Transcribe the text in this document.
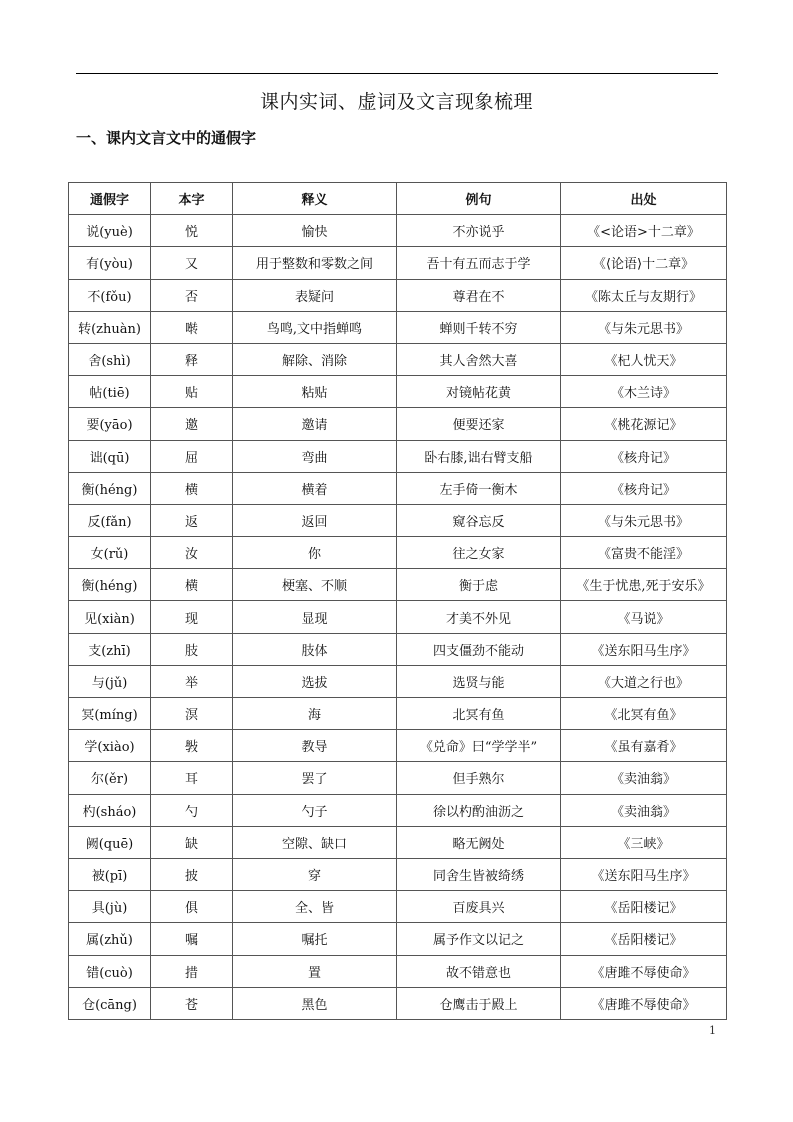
课内实词、虚词及文言现象梳理
一、课内文言文中的通假字
通假字	本字	释义	例句	出处
说(yuè)	悦	愉快	不亦说乎	《<论语>十二章》
有(yòu)	又	用于整数和零数之间	吾十有五而志于学	《⟨论语⟩十二章》
不(fǒu)	否	表疑问	尊君在不	《陈太丘与友期行》
转(zhuàn)	啭	鸟鸣,文中指蝉鸣	蝉则千转不穷	《与朱元思书》
舍(shì)	释	解除、消除	其人舍然大喜	《杞人忧天》
帖(tiē)	贴	粘贴	对镜帖花黄	《木兰诗》
要(yāo)	邀	邀请	便要还家	《桃花源记》
诎(qū)	屈	弯曲	卧右膝,诎右臂支船	《核舟记》
衡(héng)	横	横着	左手倚一衡木	《核舟记》
反(fǎn)	返	返回	窥谷忘反	《与朱元思书》
女(rǔ)	汝	你	往之女家	《富贵不能淫》
衡(héng)	横	梗塞、不顺	衡于虑	《生于忧患,死于安乐》
见(xiàn)	现	显现	才美不外见	《马说》
支(zhī)	肢	肢体	四支僵劲不能动	《送东阳马生序》
与(jǔ)	举	选拔	选贤与能	《大道之行也》
冥(míng)	溟	海	北冥有鱼	《北冥有鱼》
学(xiào)	斅	教导	《兑命》曰“学学半”	《虽有嘉肴》
尔(ěr)	耳	罢了	但手熟尔	《卖油翁》
杓(sháo)	勺	勺子	徐以杓酌油沥之	《卖油翁》
阙(quē)	缺	空隙、缺口	略无阙处	《三峡》
被(pī)	披	穿	同舍生皆被绮绣	《送东阳马生序》
具(jù)	俱	全、皆	百废具兴	《岳阳楼记》
属(zhǔ)	嘱	嘱托	属予作文以记之	《岳阳楼记》
错(cuò)	措	置	故不错意也	《唐雎不辱使命》
仓(cāng)	苍	黑色	仓鹰击于殿上	《唐雎不辱使命》
1
